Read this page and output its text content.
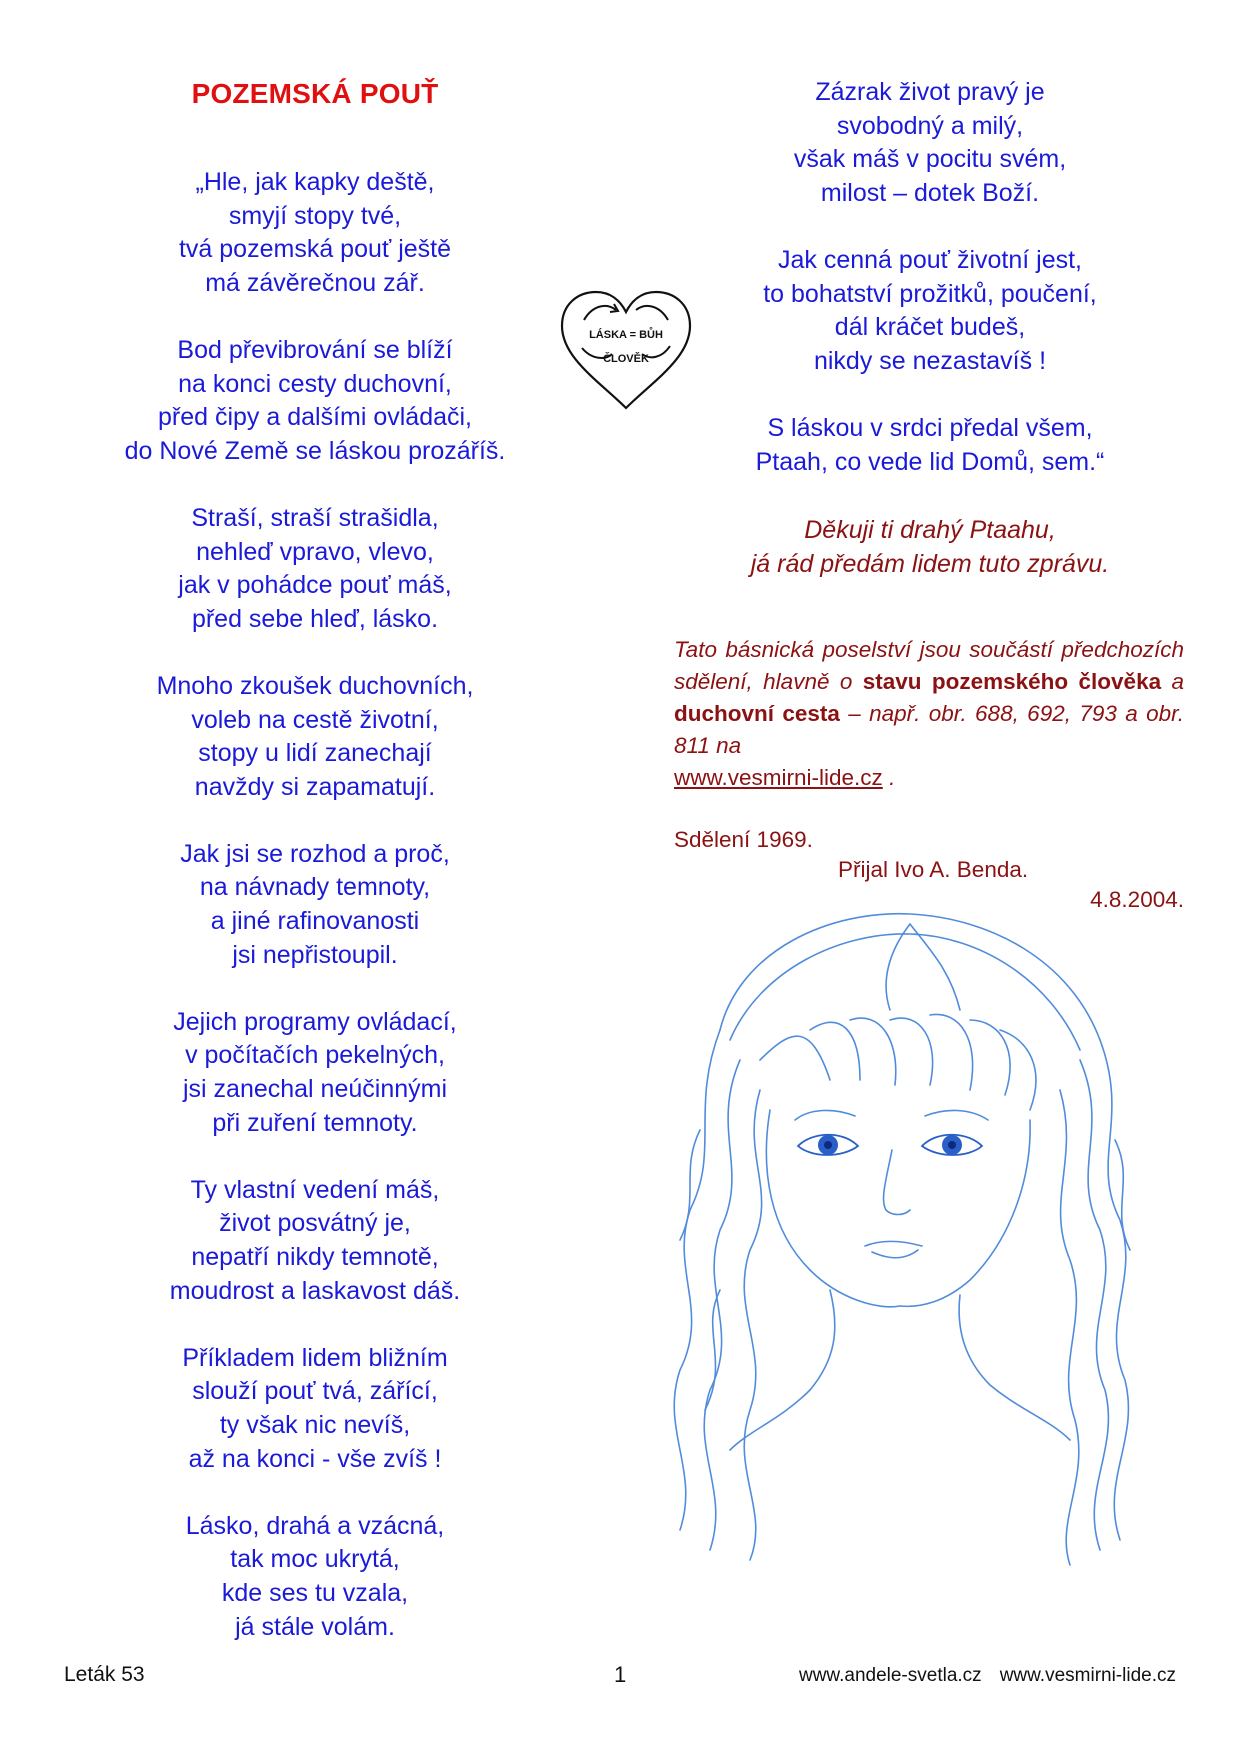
POZEMSKÁ POUŤ
„Hle, jak kapky deště,
smyjí stopy tvé,
tvá pozemská pouť ještě
má závěrečnou zář.
Bod převibrování se blíží
na konci cesty duchovní,
před čipy a dalšími ovládači,
do Nové Země se láskou prozáříš.
Straší, straší strašidla,
nehleď vpravo, vlevo,
jak v pohádce pouť máš,
před sebe hleď, lásko.
Mnoho zkoušek duchovních,
voleb na cestě životní,
stopy u lidí zanechají
navždy si zapamatují.
Jak jsi se rozhod a proč,
na návnady temnoty,
a jiné rafinovanosti
jsi nepřistoupil.
Jejich programy ovládací,
v počítačích pekelných,
jsi zanechal neúčinnými
při zuření temnoty.
Ty vlastní vedení máš,
život posvátný je,
nepatří nikdy temnotě,
moudrost a laskavost dáš.
Příkladem lidem bližním
slouží pouť tvá, zářící,
ty však nic nevíš,
až na konci - vše zvíš !
Lásko, drahá a vzácná,
tak moc ukrytá,
kde ses tu vzala,
já stále volám.
Zázrak život pravý je
svobodný a milý,
však máš v pocitu svém,
milost – dotek Boží.
Jak cenná pouť životní jest,
to bohatství prožitků, poučení,
dál kráčet budeš,
nikdy se nezastavíš !
S láskou v srdci předal všem,
Ptaah, co vede lid Domů, sem.“
Děkuji ti drahý Ptaahu,
já rád předám lidem tuto zprávu.
LÁSKA = BŮH
ČLOVĚK
Tato básnická poselství jsou součástí předchozích sdělení, hlavně o stavu pozemského člověka a duchovní cesta – např. obr. 688, 692, 793 a obr. 811 na
www.vesmirni-lide.cz .
Sdělení 1969.
Přijal Ivo A. Benda.
4.8.2004.
Leták 53	1	www.andele-svetla.cz www.vesmirni-lide.cz
